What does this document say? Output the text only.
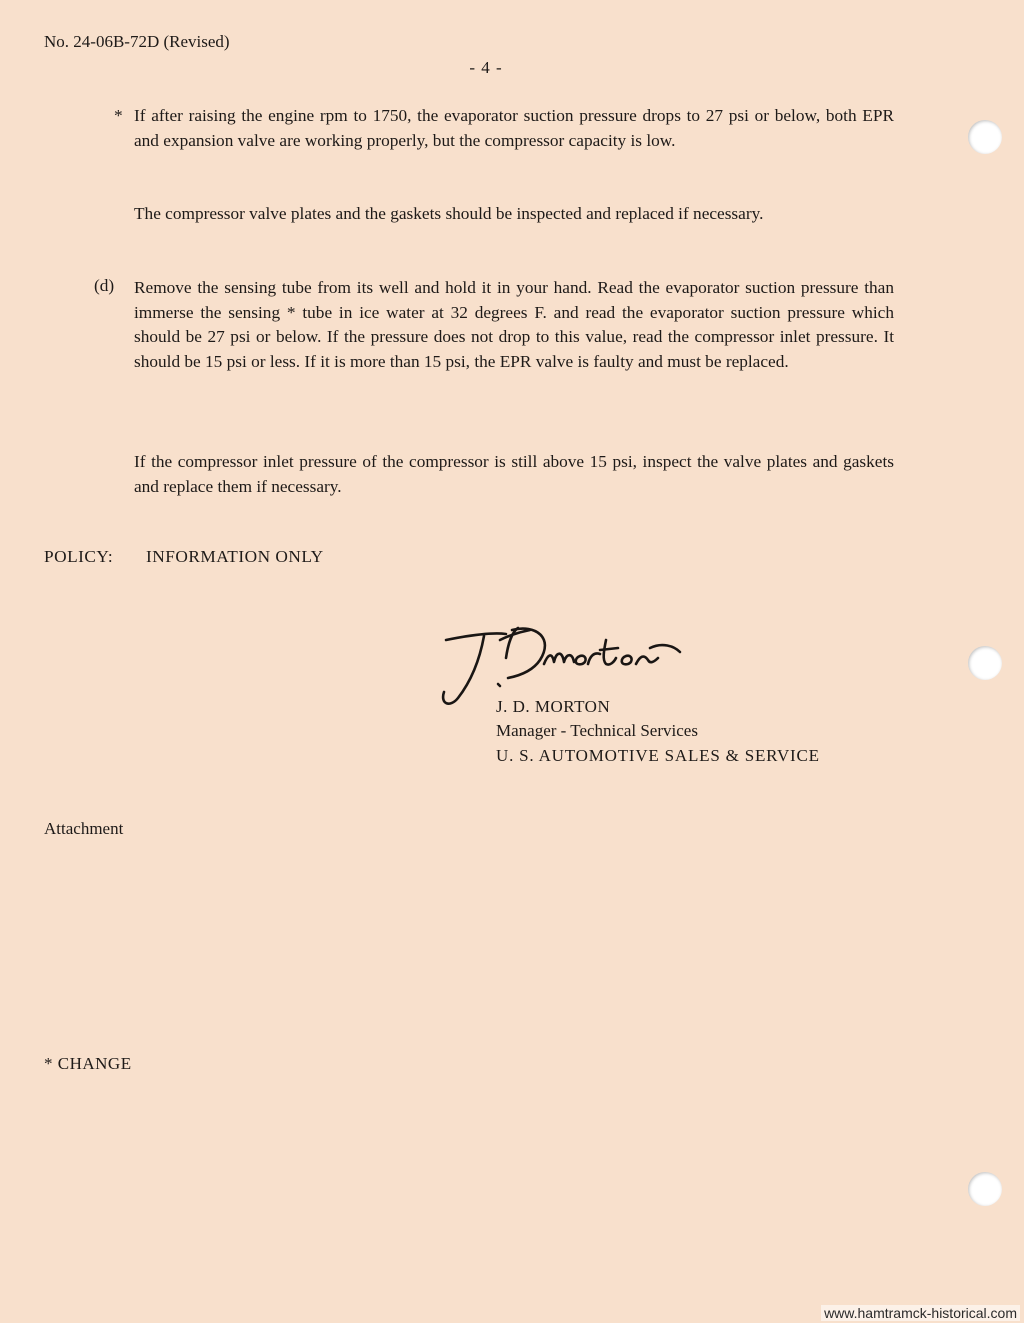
No. 24-06B-72D (Revised)
- 4 -
* If after raising the engine rpm to 1750, the evaporator suction pressure drops to 27 psi or below, both EPR and expansion valve are working properly, but the compressor capacity is low.
The compressor valve plates and the gaskets should be inspected and replaced if necessary.
(d) Remove the sensing tube from its well and hold it in your hand. Read the evaporator suction pressure than immerse the sensing * tube in ice water at 32 degrees F. and read the evaporator suction pressure which should be 27 psi or below. If the pressure does not drop to this value, read the compressor inlet pressure. It should be 15 psi or less. If it is more than 15 psi, the EPR valve is faulty and must be replaced.
If the compressor inlet pressure of the compressor is still above 15 psi, inspect the valve plates and gaskets and replace them if necessary.
POLICY: INFORMATION ONLY
J. D. MORTON
Manager - Technical Services
U. S. AUTOMOTIVE SALES & SERVICE
Attachment
* CHANGE
www.hamtramck-historical.com
